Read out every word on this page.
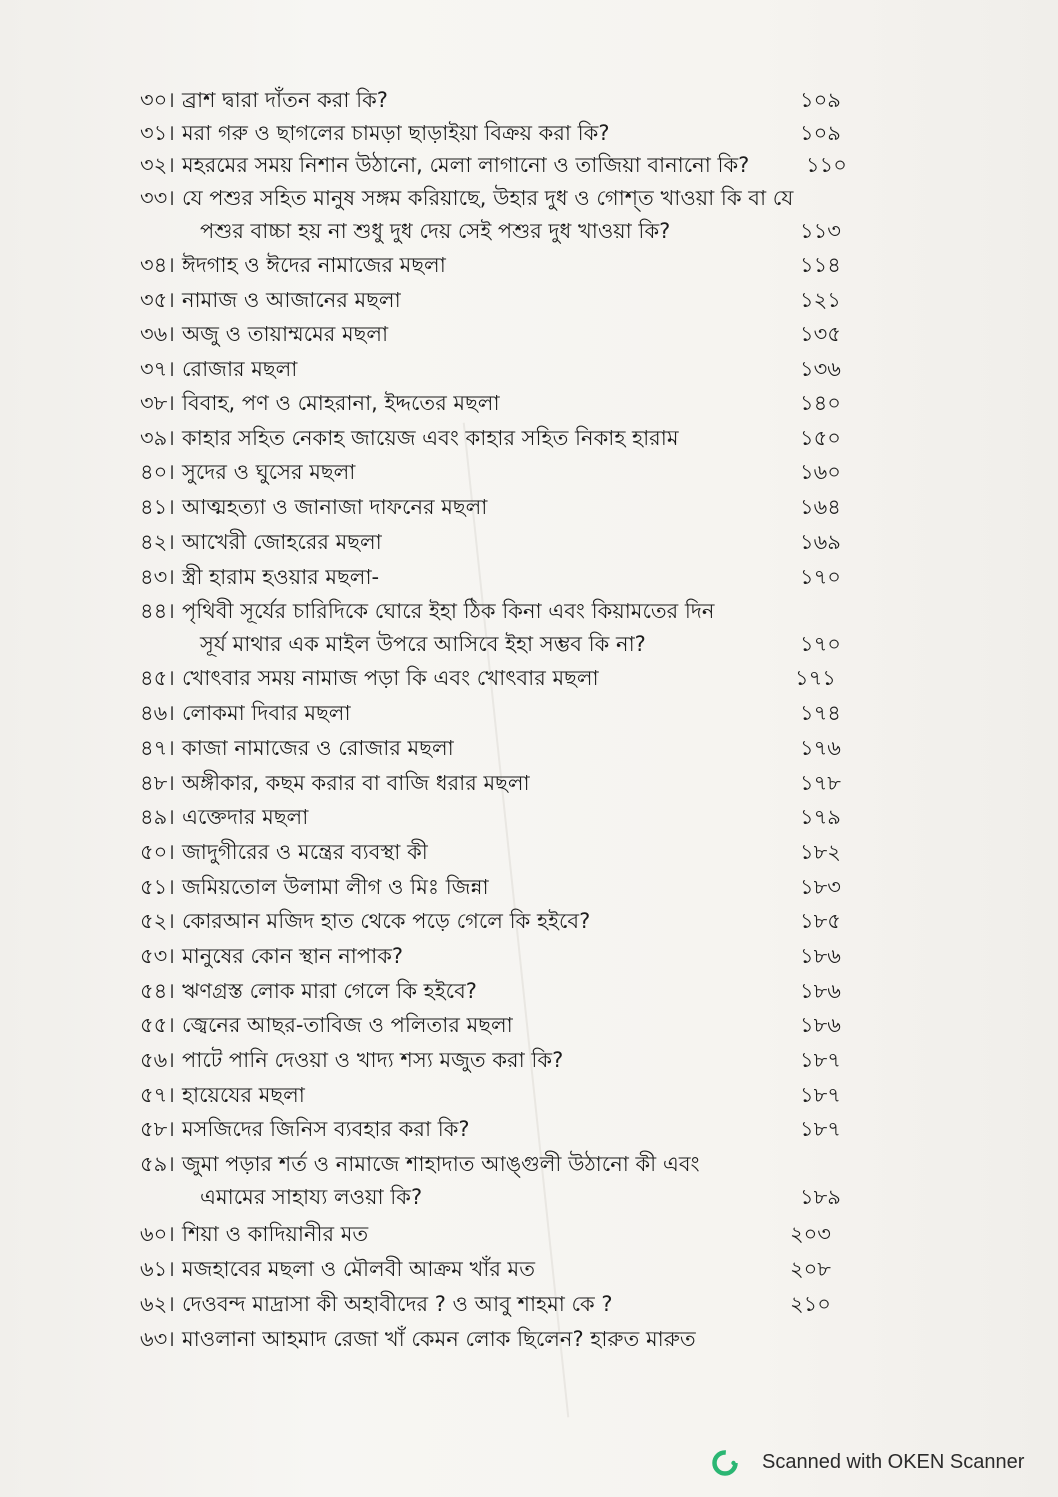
৩০। ব্রাশ দ্বারা দাঁতন করা কি?	১০৯
৩১। মরা গরু ও ছাগলের চামড়া ছাড়াইয়া বিক্রয় করা কি?	১০৯
৩২। মহরমের সময় নিশান উঠানো, মেলা লাগানো ও তাজিয়া বানানো কি?	১১০
৩৩। যে পশুর সহিত মানুষ সঙ্গম করিয়াছে, উহার দুধ ও গোশ্‌ত খাওয়া কি বা যে
পশুর বাচ্চা হয় না শুধু দুধ দেয় সেই পশুর দুধ খাওয়া কি?	১১৩
৩৪। ঈদগাহ ও ঈদের নামাজের মছলা	১১৪
৩৫। নামাজ ও আজানের মছলা	১২১
৩৬। অজু ও তায়াম্মমের মছলা	১৩৫
৩৭। রোজার মছলা	১৩৬
৩৮। বিবাহ, পণ ও মোহরানা, ইদ্দতের মছলা	১৪০
৩৯। কাহার সহিত নেকাহ জায়েজ এবং কাহার সহিত নিকাহ হারাম	১৫০
৪০। সুদের ও ঘুসের মছলা	১৬০
৪১। আত্মহত্যা ও জানাজা দাফনের মছলা	১৬৪
৪২। আখেরী জোহরের মছলা	১৬৯
৪৩। স্ত্রী হারাম হওয়ার মছলা-	১৭০
৪৪। পৃথিবী সূর্যের চারিদিকে ঘোরে ইহা ঠিক কিনা এবং কিয়ামতের দিন
সূর্য মাথার এক মাইল উপরে আসিবে ইহা সম্ভব কি না?	১৭০
৪৫। খোৎবার সময় নামাজ পড়া কি এবং খোৎবার মছলা	১৭১
৪৬। লোকমা দিবার মছলা	১৭৪
৪৭। কাজা নামাজের ও রোজার মছলা	১৭৬
৪৮। অঙ্গীকার, কছম করার বা বাজি ধরার মছলা	১৭৮
৪৯। এক্তেদার মছলা	১৭৯
৫০। জাদুগীরের ও মন্ত্রের ব্যবস্থা কী	১৮২
৫১। জমিয়তোল উলামা লীগ ও মিঃ জিন্না	১৮৩
৫২। কোরআন মজিদ হাত থেকে পড়ে গেলে কি হইবে?	১৮৫
৫৩। মানুষের কোন স্থান নাপাক?	১৮৬
৫৪। ঋণগ্রস্ত লোক মারা গেলে কি হইবে?	১৮৬
৫৫। জ্বেনের আছর-তাবিজ ও পলিতার মছলা	১৮৬
৫৬। পাটে পানি দেওয়া ও খাদ্য শস্য মজুত করা কি?	১৮৭
৫৭। হায়েযের মছলা	১৮৭
৫৮। মসজিদের জিনিস ব্যবহার করা কি?	১৮৭
৫৯। জুমা পড়ার শর্ত ও নামাজে শাহাদাত আঙ্গুলী উঠানো কী এবং
এমামের সাহায্য লওয়া কি?	১৮৯
৬০। শিয়া ও কাদিয়ানীর মত	২০৩
৬১। মজহাবের মছলা ও মৌলবী আক্রম খাঁর মত	২০৮
৬২। দেওবন্দ মাদ্রাসা কী অহাবীদের ? ও আবু শাহমা কে ?	২১০
৬৩। মাওলানা আহমাদ রেজা খাঁ কেমন লোক ছিলেন? হারুত মারুত
Scanned with OKEN Scanner
